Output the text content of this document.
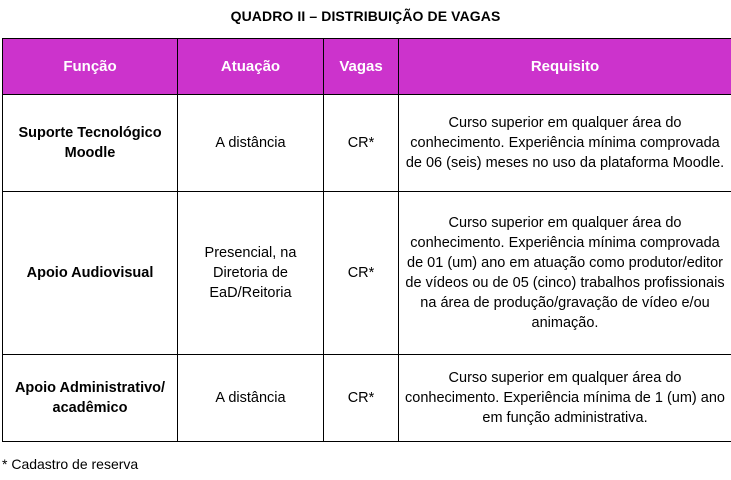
QUADRO II – DISTRIBUIÇÃO DE VAGAS
Função	Atuação	Vagas	Requisito
Suporte Tecnológico Moodle	A distância	CR*	Curso superior em qualquer área do conhecimento. Experiência mínima comprovada de 06 (seis) meses no uso da plataforma Moodle.
Apoio Audiovisual	Presencial, na Diretoria de EaD/Reitoria	CR*	Curso superior em qualquer área do conhecimento. Experiência mínima comprovada de 01 (um) ano em atuação como produtor/editor de vídeos ou de 05 (cinco) trabalhos profissionais na área de produção/gravação de vídeo e/ou animação.
Apoio Administrativo/ acadêmico	A distância	CR*	Curso superior em qualquer área do conhecimento. Experiência mínima de 1 (um) ano em função administrativa.
* Cadastro de reserva
